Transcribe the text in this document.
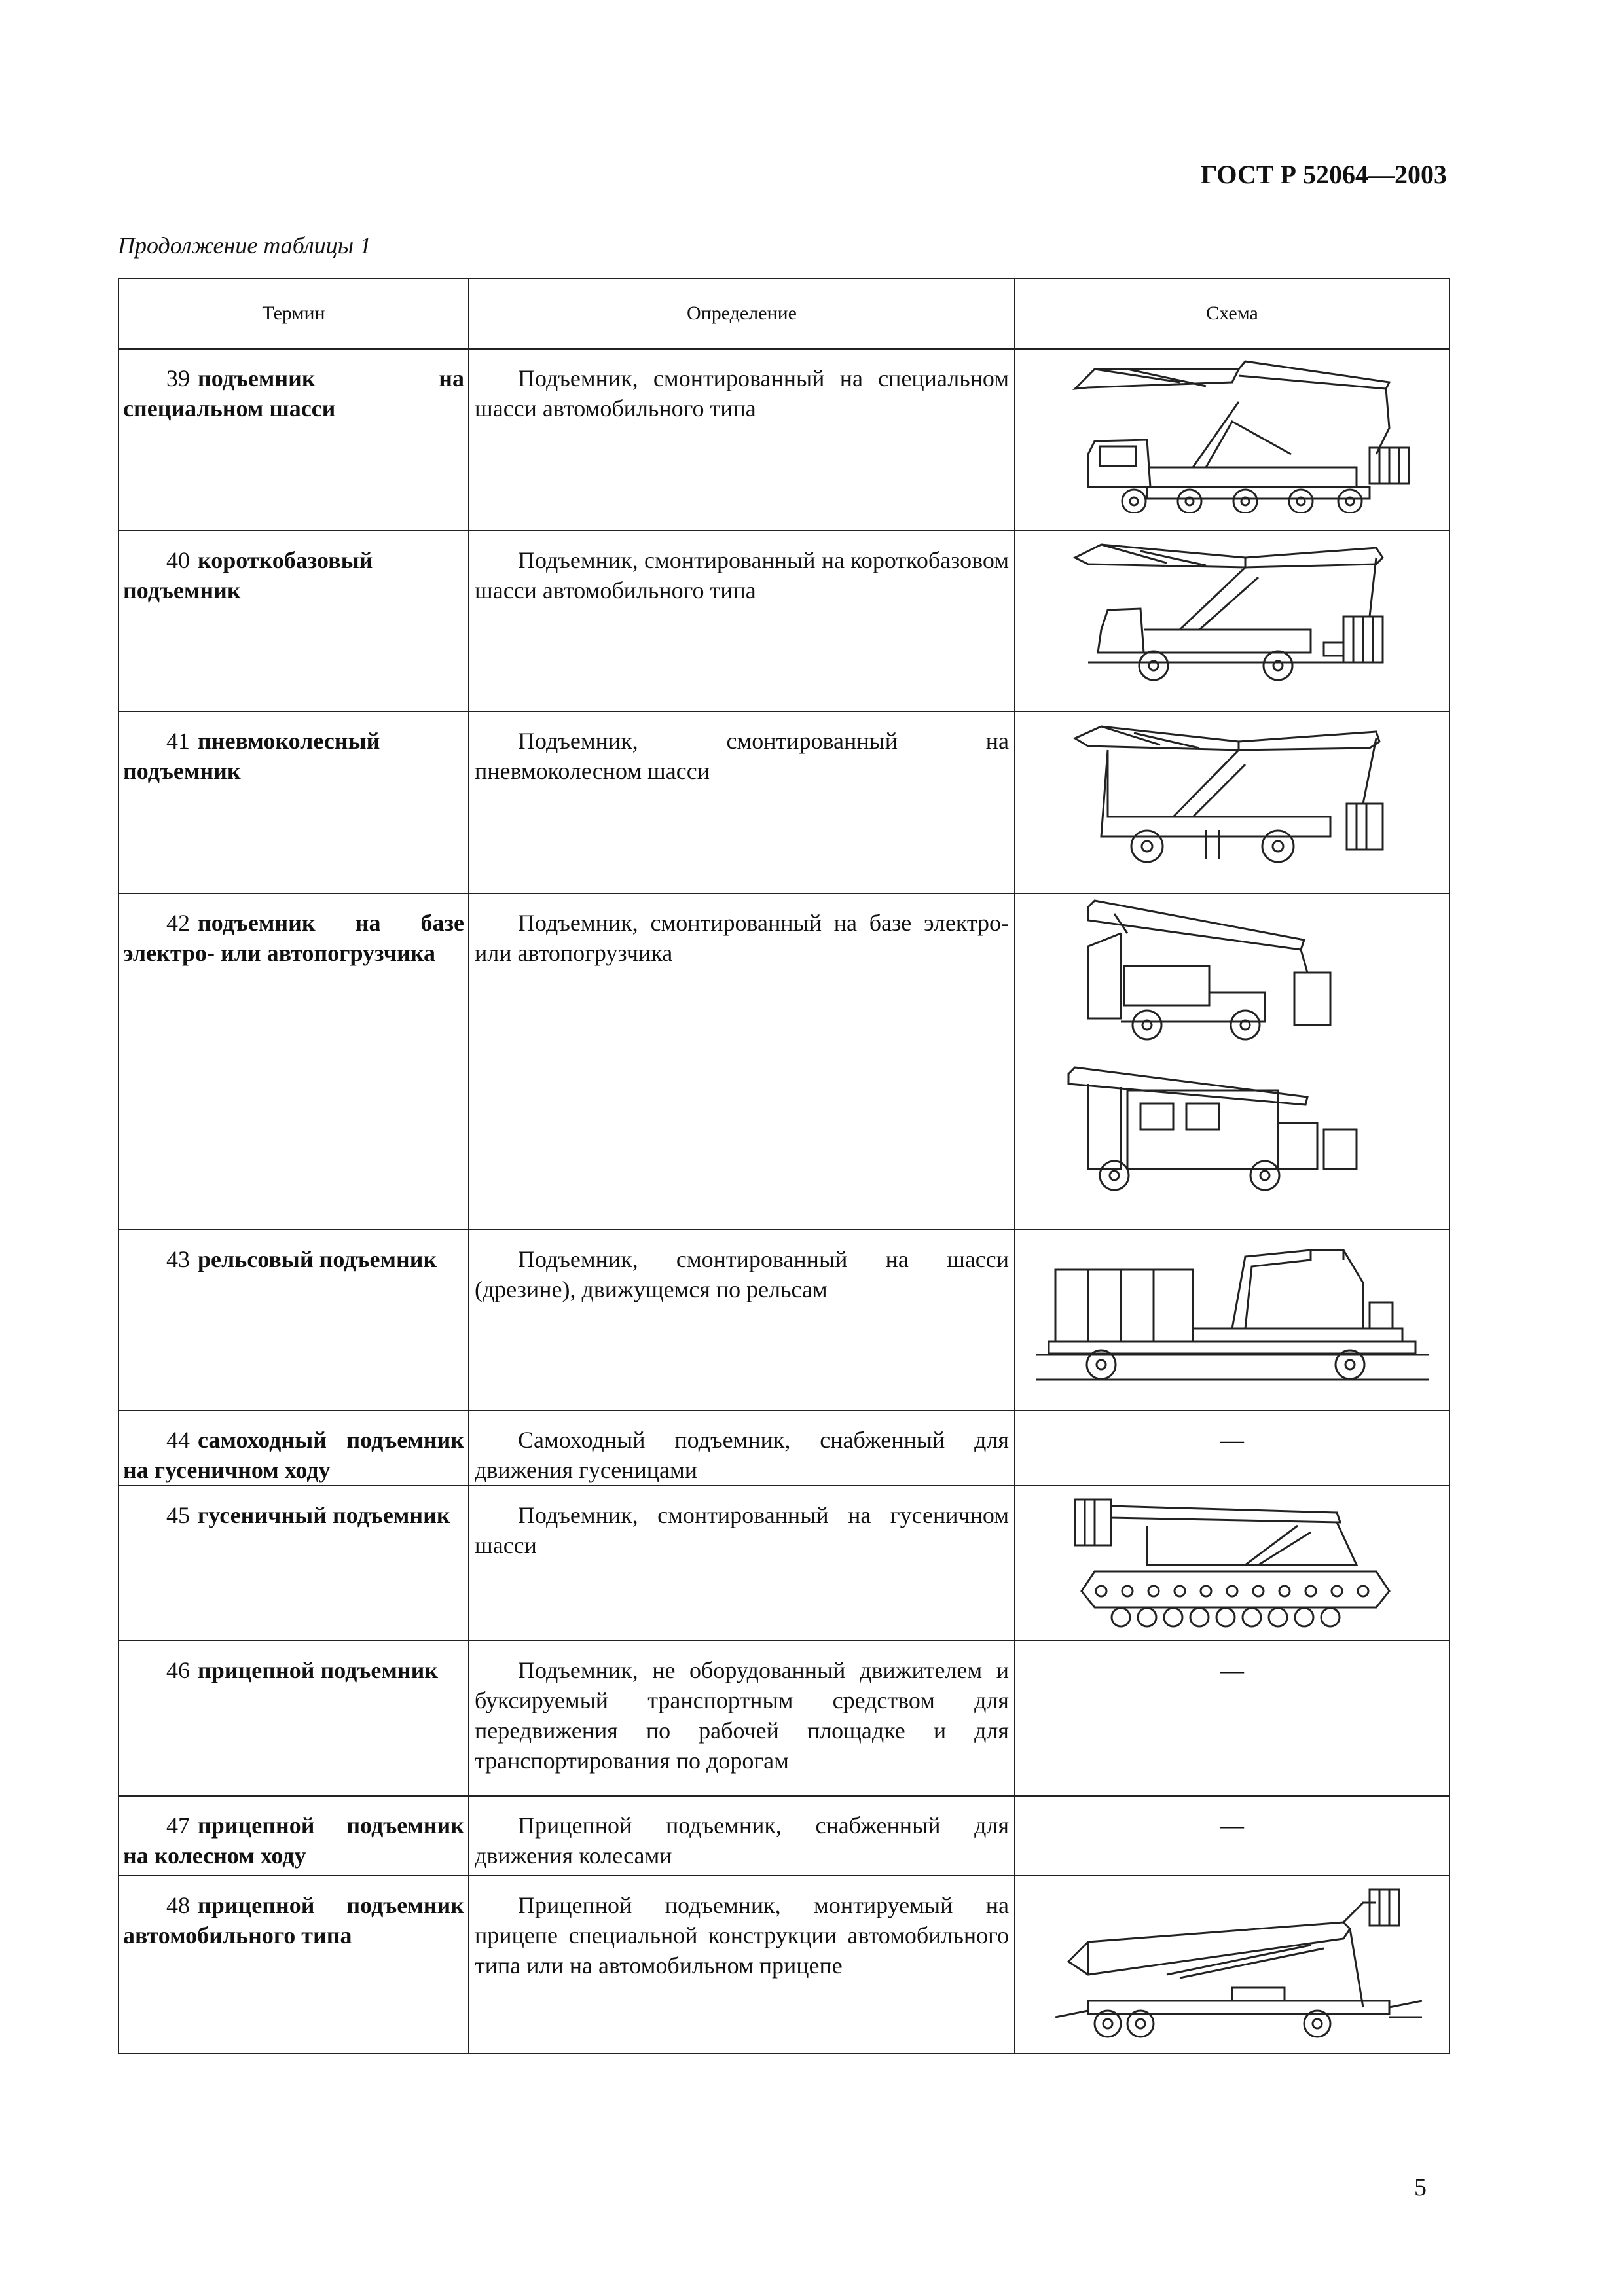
ГОСТ Р 52064—2003
Продолжение таблицы 1
Термин	Определение	Схема
39 подъемник на специальном шасси	Подъемник, смонтированный на специальном шасси автомобильного типа

40 короткобазовый подъемник	Подъемник, смонтированный на короткобазовом шасси автомобильного типа

41 пневмоколесный подъемник	Подъемник, смонтированный на пневмоколесном шасси

42 подъемник на базе электро- или автопогрузчика	Подъемник, смонтированный на базе электро- или автопогрузчика

43 рельсовый подъемник	Подъемник, смонтированный на шасси (дрезине), движущемся по рельсам

44 самоходный подъемник на гусеничном ходу	Самоходный подъемник, снабженный для движения гусеницами	—
45 гусеничный подъемник	Подъемник, смонтированный на гусеничном шасси

46 прицепной подъемник	Подъемник, не оборудованный движителем и буксируемый транспортным средством для передвижения по рабочей площадке и для транспортирования по дорогам	—
47 прицепной подъемник на колесном ходу	Прицепной подъемник, снабженный для движения колесами	—
48 прицепной подъемник автомобильного типа	Прицепной подъемник, монтируемый на прицепе специальной конструкции автомобильного типа или на автомобильном прицепе

5
